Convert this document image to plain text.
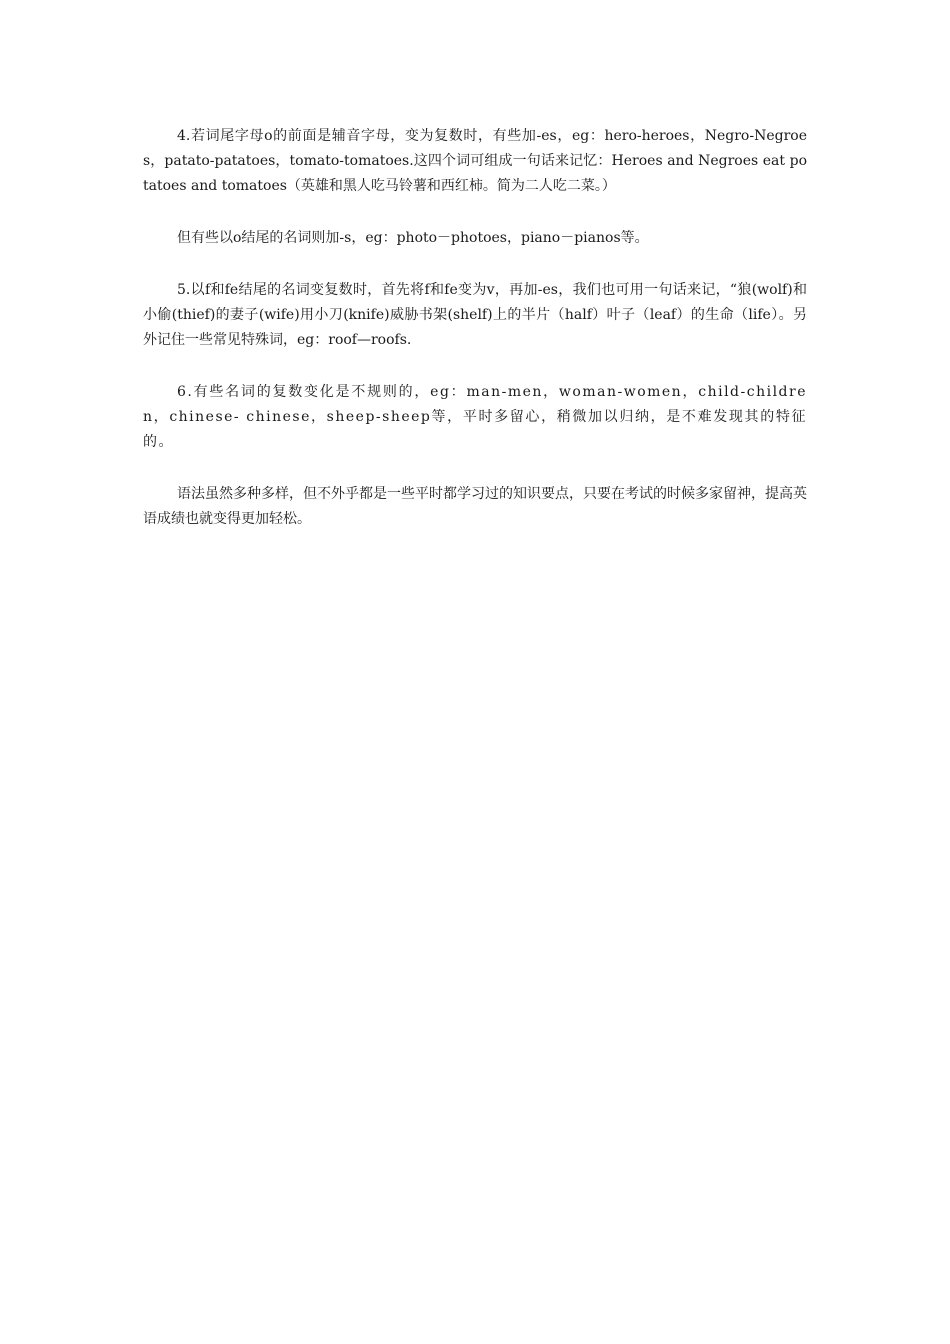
4.若词尾字母o的前面是辅音字母，变为复数时，有些加-es，eg：hero-heroes，Negro-Negroes，patato-patatoes，tomato-tomatoes.这四个词可组成一句话来记忆：Heroes and Negroes eat potatoes and tomatoes（英雄和黑人吃马铃薯和西红柿。简为二人吃二菜。）

但有些以o结尾的名词则加-s，eg：photo－photoes，piano－pianos等。

5.以f和fe结尾的名词变复数时，首先将f和fe变为v，再加-es，我们也可用一句话来记，“狼(wolf)和小偷(thief)的妻子(wife)用小刀(knife)威胁书架(shelf)上的半片（half）叶子（leaf）的生命（life）。另外记住一些常见特殊词，eg：roof—roofs.

6.有些名词的复数变化是不规则的，eg：man-men，woman-women，child-children，chinese- chinese，sheep-sheep等，平时多留心，稍微加以归纳，是不难发现其的特征的。

语法虽然多种多样，但不外乎都是一些平时都学习过的知识要点，只要在考试的时候多家留神，提高英语成绩也就变得更加轻松。
